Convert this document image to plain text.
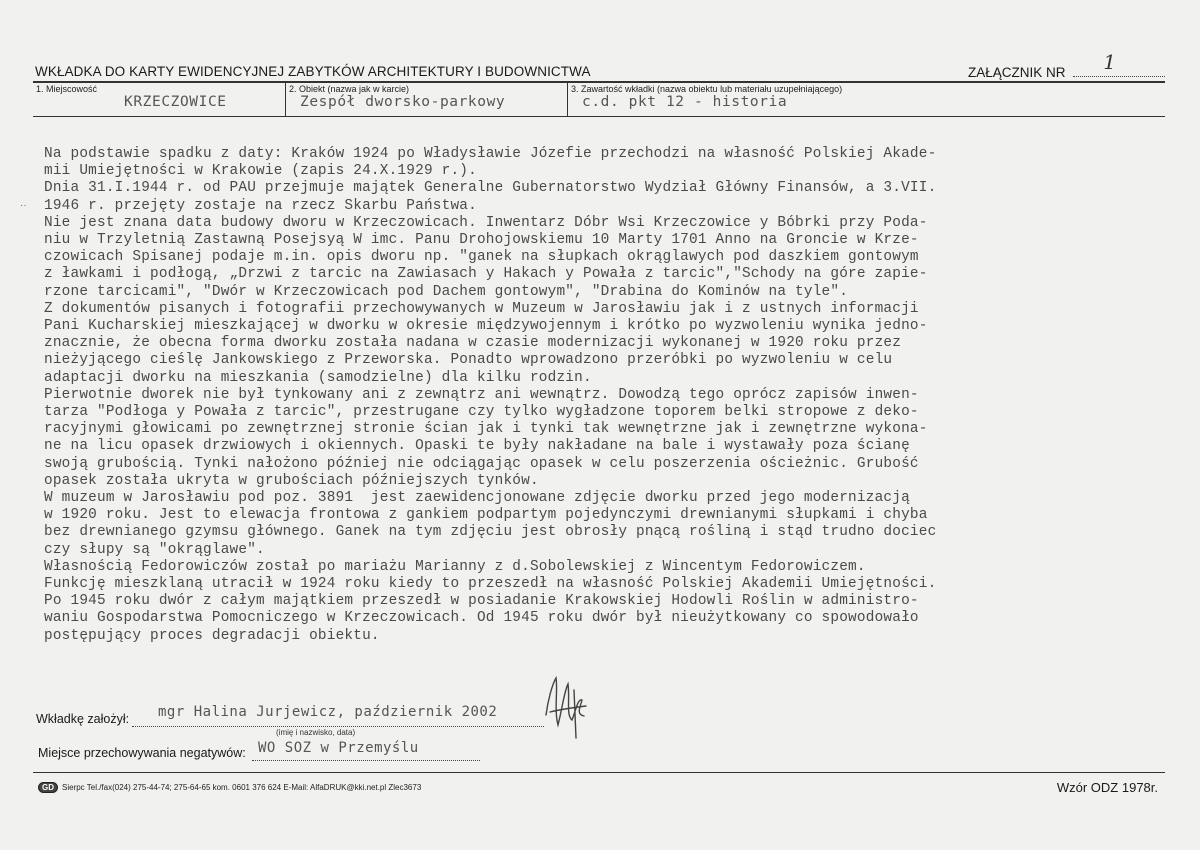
WKŁADKA DO KARTY EWIDENCYJNEJ ZABYTKÓW ARCHITEKTURY I BUDOWNICTWA	ZAŁĄCZNIK NR 1
1. Miejscowość
KRZECZOWICE
2. Obiekt (nazwa jak w karcie)
Zespół dworsko-parkowy
3. Zawartość wkładki (nazwa obiektu lub materiału uzupełniającego)
c.d. pkt 12 - historia
··
Na podstawie spadku z daty: Kraków 1924 po Władysławie Józefie przechodzi na własność Polskiej Akade-
mii Umiejętności w Krakowie (zapis 24.X.1929 r.).
Dnia 31.I.1944 r. od PAU przejmuje majątek Generalne Gubernatorstwo Wydział Główny Finansów, a 3.VII.
1946 r. przejęty zostaje na rzecz Skarbu Państwa.
Nie jest znana data budowy dworu w Krzeczowicach. Inwentarz Dóbr Wsi Krzeczowice y Bóbrki przy Poda-
niu w Trzyletnią Zastawną Posejsyą W imc. Panu Drohojowskiemu 10 Marty 1701 Anno na Groncie w Krze-
czowicach Spisanej podaje m.in. opis dworu np. "ganek na słupkach okrąglawych pod daszkiem gontowym
z ławkami i podłogą, „Drzwi z tarcic na Zawiasach y Hakach y Powała z tarcic","Schody na góre zapie-
rzone tarcicami", "Dwór w Krzeczowicach pod Dachem gontowym", "Drabina do Kominów na tyle".
Z dokumentów pisanych i fotografii przechowywanych w Muzeum w Jarosławiu jak i z ustnych informacji
Pani Kucharskiej mieszkającej w dworku w okresie międzywojennym i krótko po wyzwoleniu wynika jedno-
znacznie, że obecna forma dworku została nadana w czasie modernizacji wykonanej w 1920 roku przez
nieżyjącego cieślę Jankowskiego z Przeworska. Ponadto wprowadzono przeróbki po wyzwoleniu w celu
adaptacji dworku na mieszkania (samodzielne) dla kilku rodzin.
Pierwotnie dworek nie był tynkowany ani z zewnątrz ani wewnątrz. Dowodzą tego oprócz zapisów inwen-
tarza "Podłoga y Powała z tarcic", przestrugane czy tylko wygładzone toporem belki stropowe z deko-
racyjnymi głowicami po zewnętrznej stronie ścian jak i tynki tak wewnętrzne jak i zewnętrzne wykona-
ne na licu opasek drzwiowych i okiennych. Opaski te były nakładane na bale i wystawały poza ścianę
swoją grubością. Tynki nałożono później nie odciągając opasek w celu poszerzenia ościeżnic. Grubość
opasek została ukryta w grubościach późniejszych tynków.
W muzeum w Jarosławiu pod poz. 3891  jest zaewidencjonowane zdjęcie dworku przed jego modernizacją
w 1920 roku. Jest to elewacja frontowa z gankiem podpartym pojedynczymi drewnianymi słupkami i chyba
bez drewnianego gzymsu głównego. Ganek na tym zdjęciu jest obrosły pnącą rośliną i stąd trudno dociec
czy słupy są "okrąglawe".
Własnością Fedorowiczów został po mariażu Marianny z d.Sobolewskiej z Wincentym Fedorowiczem.
Funkcję mieszklaną utracił w 1924 roku kiedy to przeszedł na własność Polskiej Akademii Umiejętności.
Po 1945 roku dwór z całym majątkiem przeszedł w posiadanie Krakowskiej Hodowli Roślin w administro-
waniu Gospodarstwa Pomocniczego w Krzeczowicach. Od 1945 roku dwór był nieużytkowany co spowodowało
postępujący proces degradacji obiektu.
Wkładkę założył: mgr Halina Jurjewicz, październik 2002
(imię i nazwisko, data)
Miejsce przechowywania negatywów: WO SOZ w Przemyślu
GD Sierpc Tel./fax(024) 275-44-74; 275-64-65 kom. 0601 376 624 E-Mail: AlfaDRUK@kki.net.pl Zlec3673	Wzór ODZ 1978r.
